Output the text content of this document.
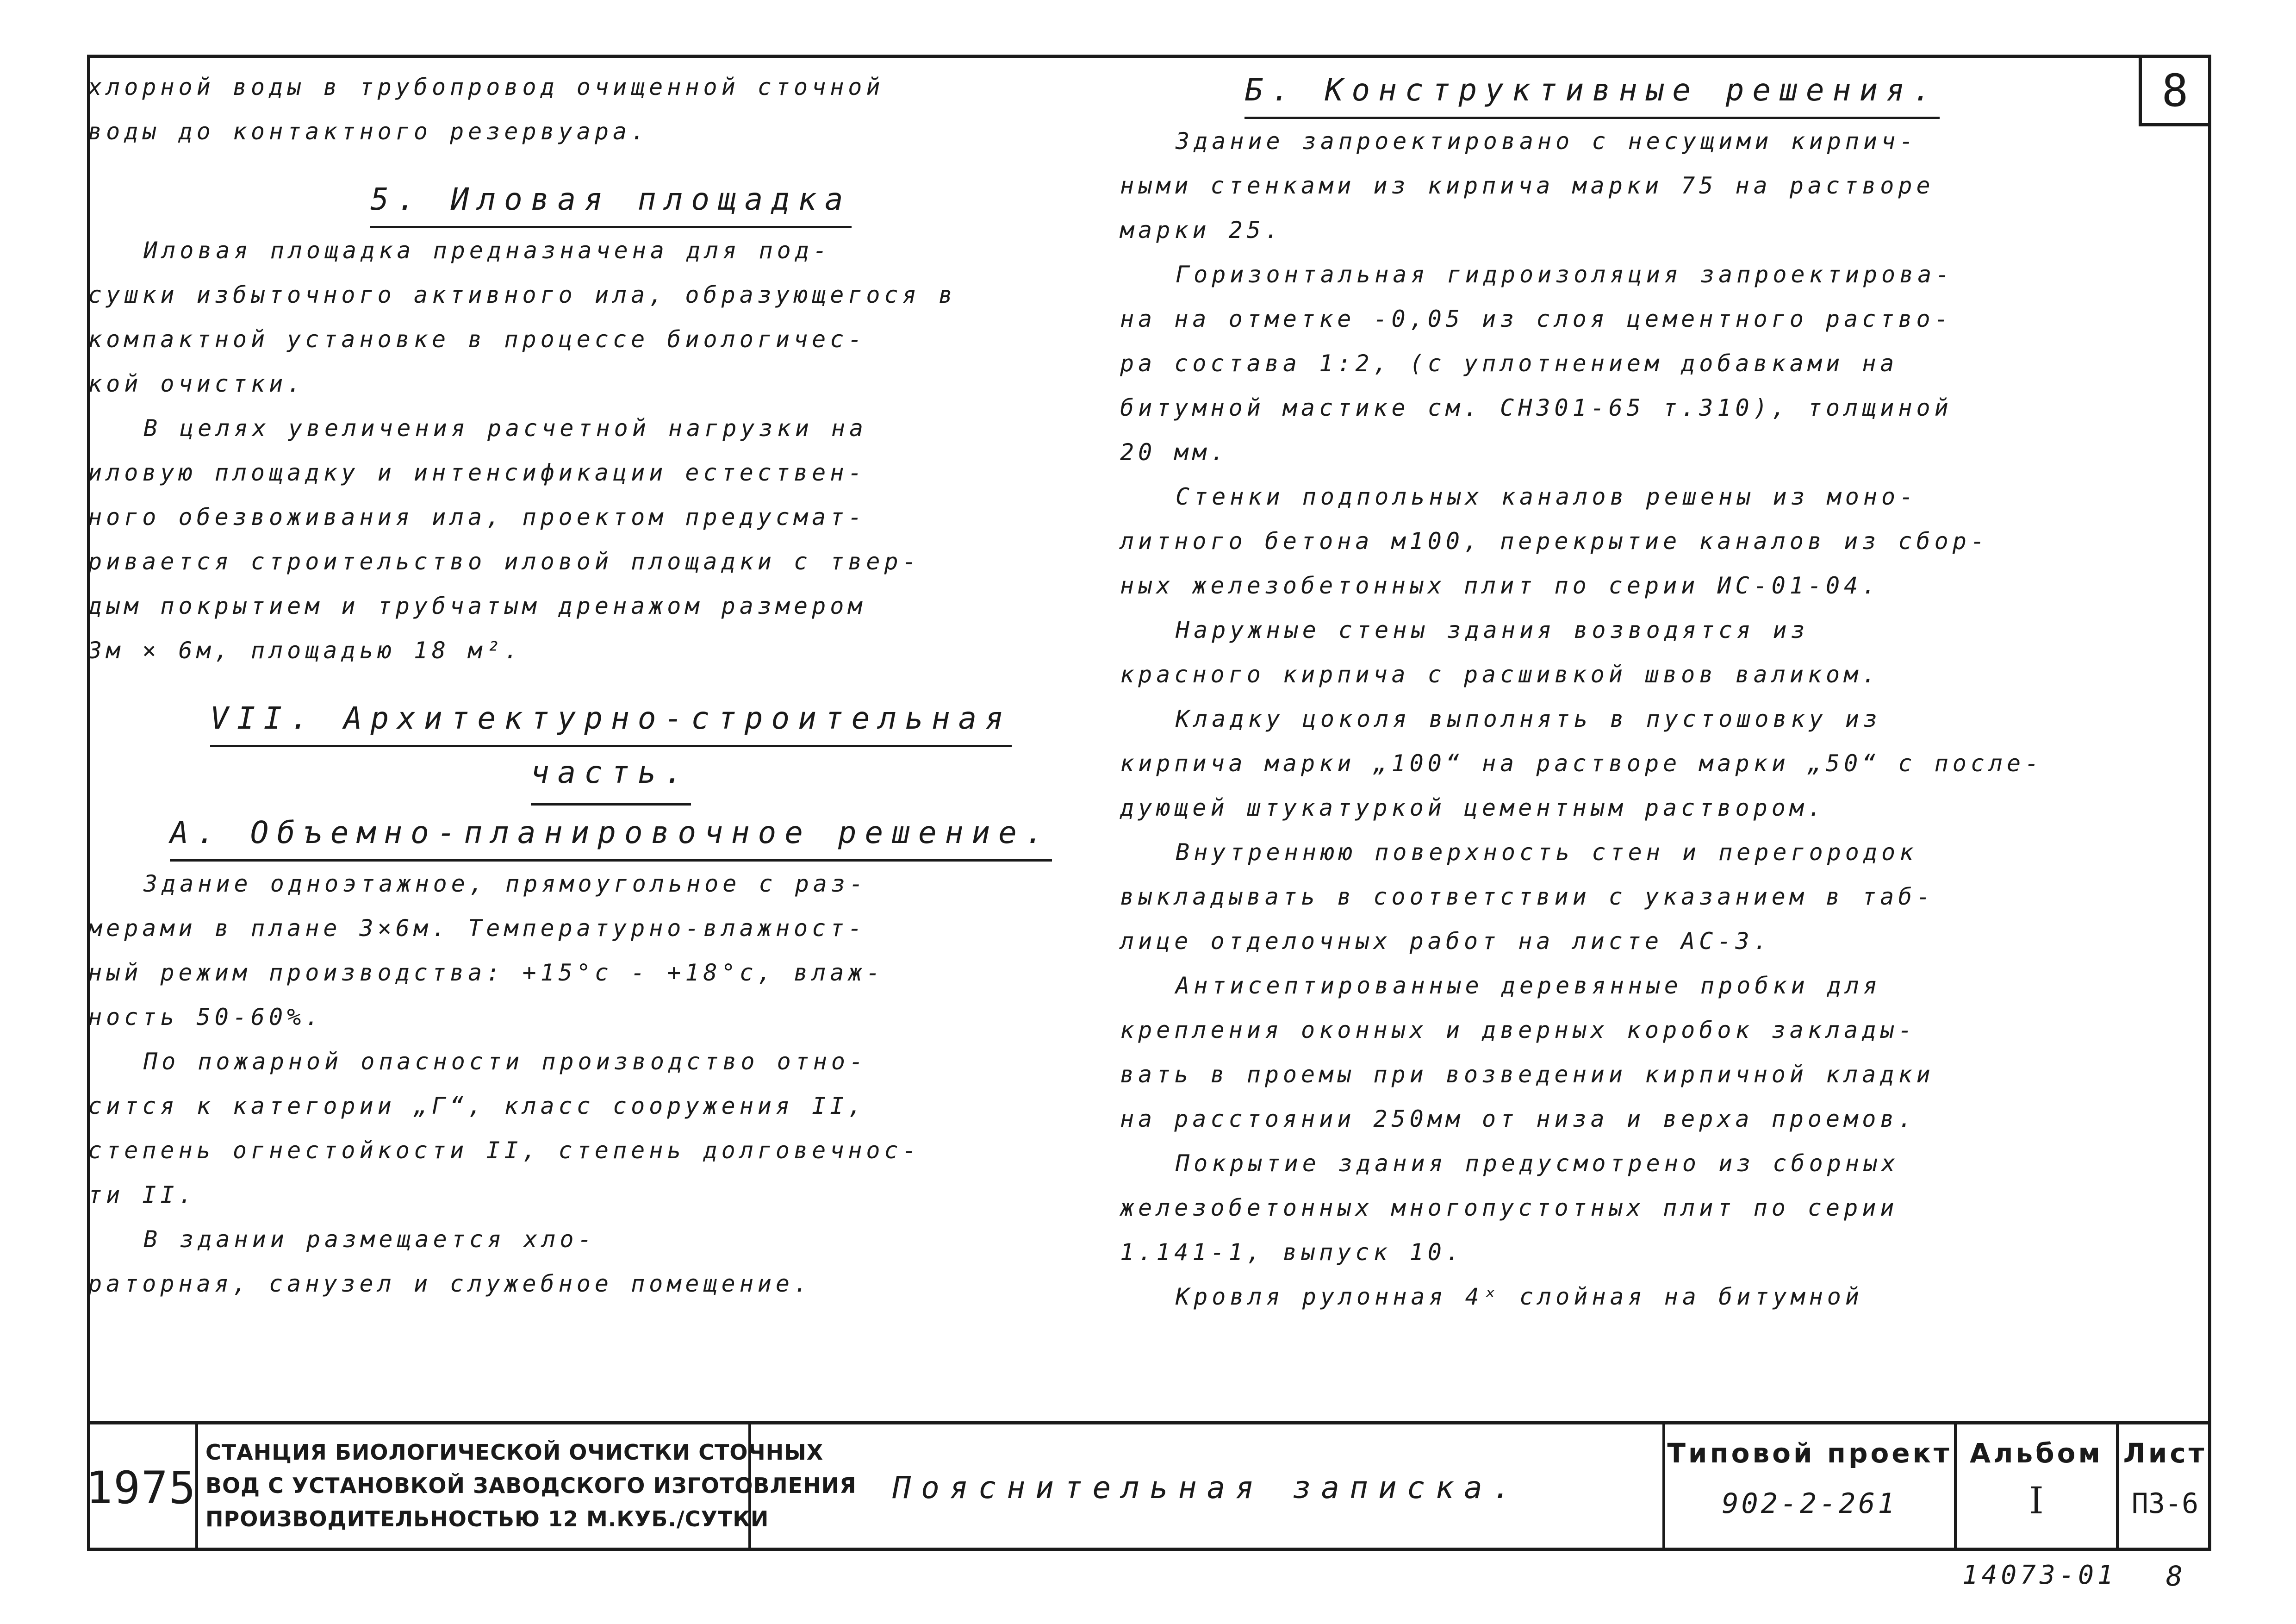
8
хлорной воды в трубопровод очищенной сточной
воды до контактного резервуара.
5. Иловая площадка
Иловая площадка предназначена для под-
сушки избыточного активного ила, образующегося в
компактной установке в процессе биологичес-
кой очистки.
В целях увеличения расчетной нагрузки на
иловую площадку и интенсификации естествен-
ного обезвоживания ила, проектом предусмат-
ривается строительство иловой площадки с твер-
дым покрытием и трубчатым дренажом размером
3м × 6м, площадью 18 м².
VII. Архитектурно-строительная
часть.
А. Объемно-планировочное решение.
Здание одноэтажное, прямоугольное с раз-
мерами в плане 3×6м. Температурно-влажност-
ный режим производства: +15°с - +18°с, влаж-
ность 50-60%.
По пожарной опасности производство отно-
сится к категории „Г“, класс сооружения II,
степень огнестойкости II, степень долговечнос-
ти II.
В здании размещается хло-
раторная, санузел и служебное помещение.
Б. Конструктивные решения.
Здание запроектировано с несущими кирпич-
ными стенками из кирпича марки 75 на растворе
марки 25.
Горизонтальная гидроизоляция запроектирова-
на на отметке -0,05 из слоя цементного раство-
ра состава 1:2, (с уплотнением добавками на
битумной мастике см. СН301-65 т.310), толщиной
20 мм.
Стенки подпольных каналов решены из моно-
литного бетона м100, перекрытие каналов из сбор-
ных железобетонных плит по серии ИС-01-04.
Наружные стены здания возводятся из
красного кирпича с расшивкой швов валиком.
Кладку цоколя выполнять в пустошовку из
кирпича марки „100“ на растворе марки „50“ с после-
дующей штукатуркой цементным раствором.
Внутреннюю поверхность стен и перегородок
выкладывать в соответствии с указанием в таб-
лице отделочных работ на листе АС-3.
Антисептированные деревянные пробки для
крепления оконных и дверных коробок заклады-
вать в проемы при возведении кирпичной кладки
на расстоянии 250мм от низа и верха проемов.
Покрытие здания предусмотрено из сборных
железобетонных многопустотных плит по серии
1.141-1, выпуск 10.
Кровля рулонная 4ˣ слойная на битумной
1975
СТАНЦИЯ БИОЛОГИЧЕСКОЙ ОЧИСТКИ СТОЧНЫХ
ВОД С УСТАНОВКОЙ ЗАВОДСКОГО ИЗГОТОВЛЕНИЯ
ПРОИЗВОДИТЕЛЬНОСТЬЮ 12 М.КУБ./СУТКИ
Пояснительная записка.
Типовой проект
902-2-261
Альбом
I
Лист
ПЗ-6
14073-01 8
